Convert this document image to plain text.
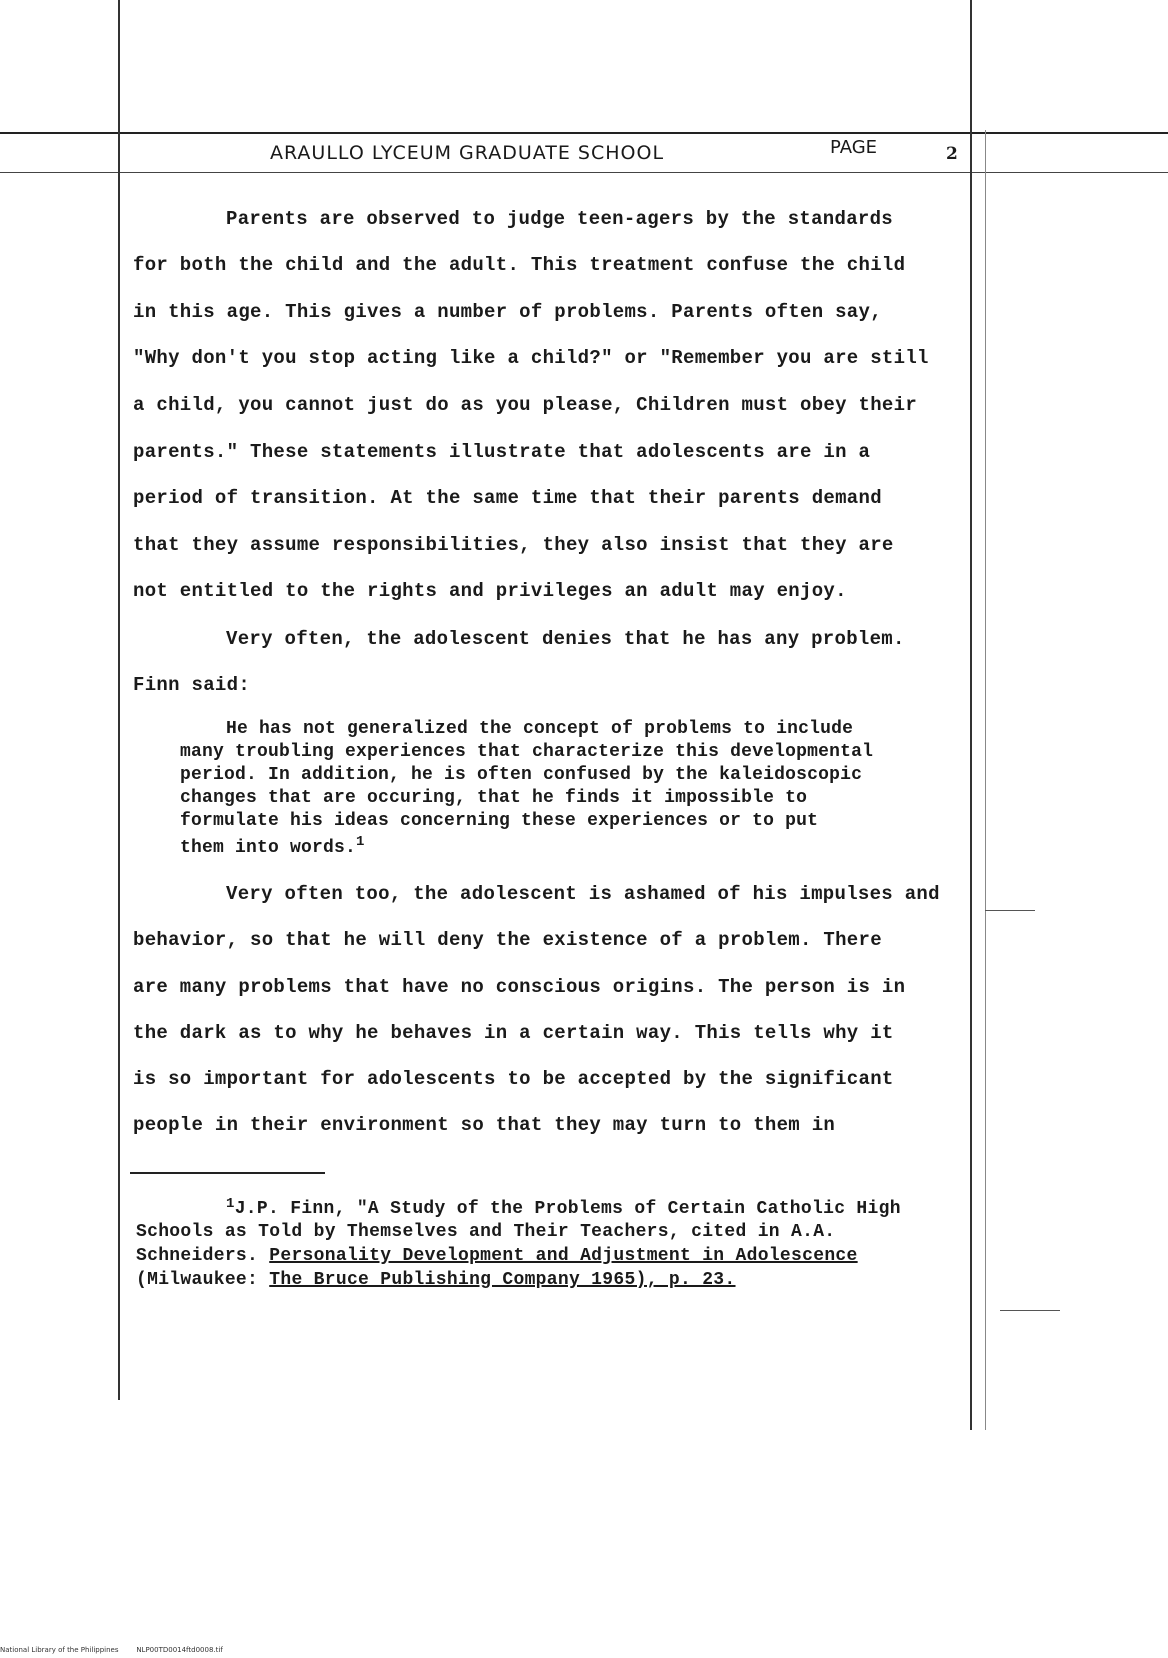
ARAULLO LYCEUM GRADUATE SCHOOL	PAGE	2
Parents are observed to judge teen-agers by the standards
for both the child and the adult. This treatment confuse the child
in this age. This gives a number of problems. Parents often say,
"Why don't you stop acting like a child?" or "Remember you are still
a child, you cannot just do as you please, Children must obey their
parents." These statements illustrate that adolescents are in a
period of transition. At the same time that their parents demand
that they assume responsibilities, they also insist that they are
not entitled to the rights and privileges an adult may enjoy.
Very often, the adolescent denies that he has any problem.
Finn said:
He has not generalized the concept of problems to include
many troubling experiences that characterize this developmental
period. In addition, he is often confused by the kaleidoscopic
changes that are occuring, that he finds it impossible to
formulate his ideas concerning these experiences or to put
them into words.$^1$
Very often too, the adolescent is ashamed of his impulses and
behavior, so that he will deny the existence of a problem. There
are many problems that have no conscious origins. The person is in
the dark as to why he behaves in a certain way. This tells why it
is so important for adolescents to be accepted by the significant
people in their environment so that they may turn to them in
$^1$J.P. Finn, "A Study of the Problems of Certain Catholic High
Schools as Told by Themselves and Their Teachers, cited in A.A.
Schneiders. Personality Development and Adjustment in Adolescence
(Milwaukee: The Bruce Publishing Company 1965), p. 23.
National Library of the Philippines	NLP00TD0014ftd0008.tif
